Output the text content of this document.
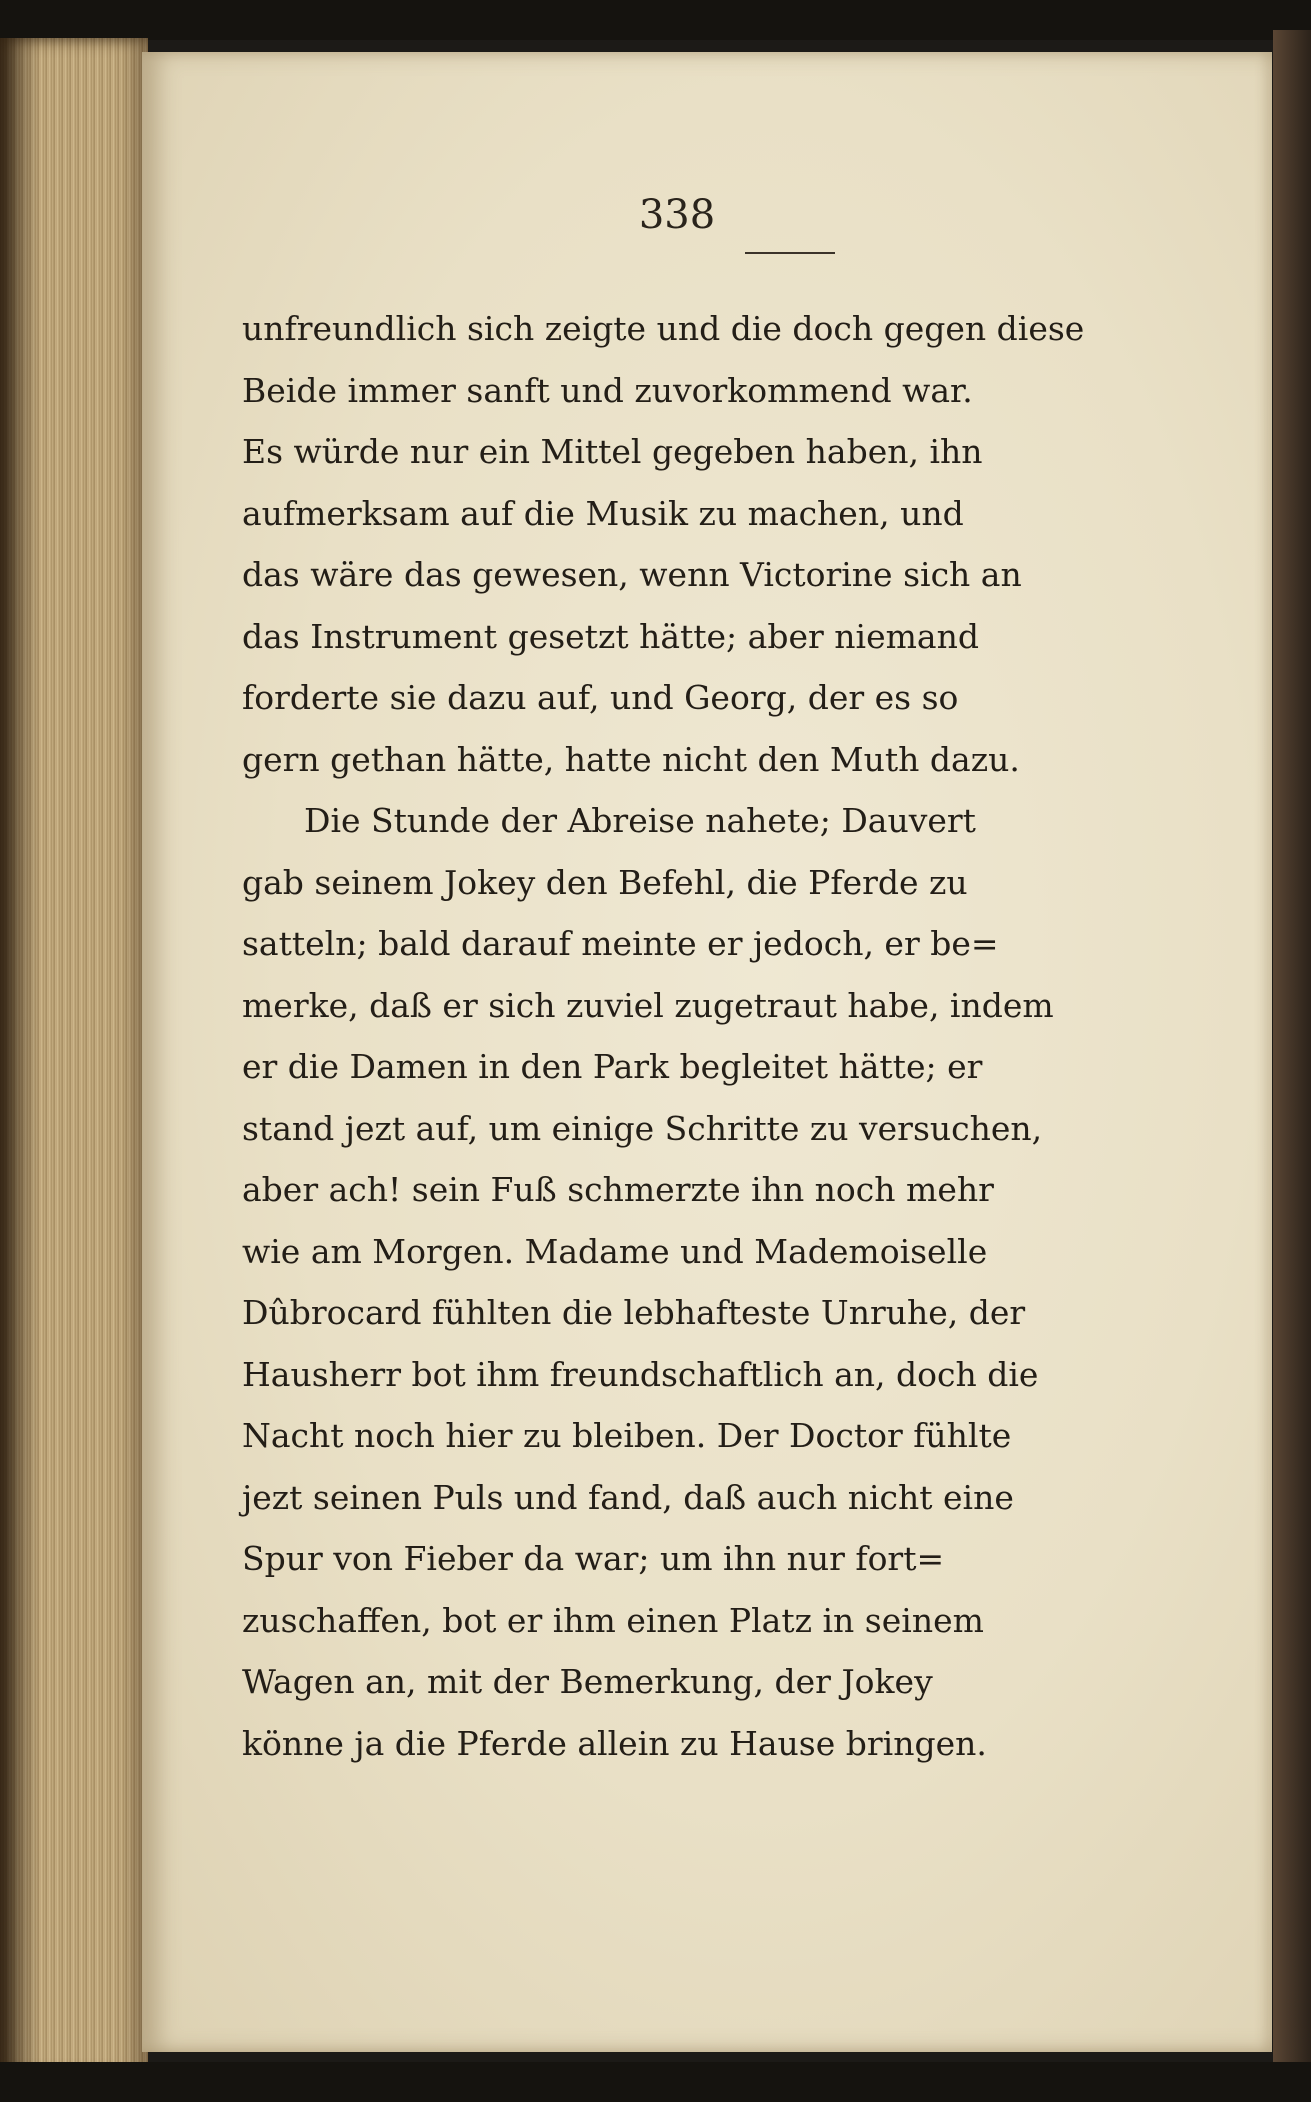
338
unfreundlich sich zeigte und die doch gegen diese
Beide immer sanft und zuvorkommend war.
Es würde nur ein Mittel gegeben haben, ihn
aufmerksam auf die Musik zu machen, und
das wäre das gewesen, wenn Victorine sich an
das Instrument gesetzt hätte; aber niemand
forderte sie dazu auf, und Georg, der es so
gern gethan hätte, hatte nicht den Muth dazu.
Die Stunde der Abreise nahete; Dauvert
gab seinem Jokey den Befehl, die Pferde zu
satteln; bald darauf meinte er jedoch, er be=
merke, daß er sich zuviel zugetraut habe, indem
er die Damen in den Park begleitet hätte; er
stand jezt auf, um einige Schritte zu versuchen,
aber ach! sein Fuß schmerzte ihn noch mehr
wie am Morgen. Madame und Mademoiselle
Dûbrocard fühlten die lebhafteste Unruhe, der
Hausherr bot ihm freundschaftlich an, doch die
Nacht noch hier zu bleiben. Der Doctor fühlte
jezt seinen Puls und fand, daß auch nicht eine
Spur von Fieber da war; um ihn nur fort=
zuschaffen, bot er ihm einen Platz in seinem
Wagen an, mit der Bemerkung, der Jokey
könne ja die Pferde allein zu Hause bringen.
